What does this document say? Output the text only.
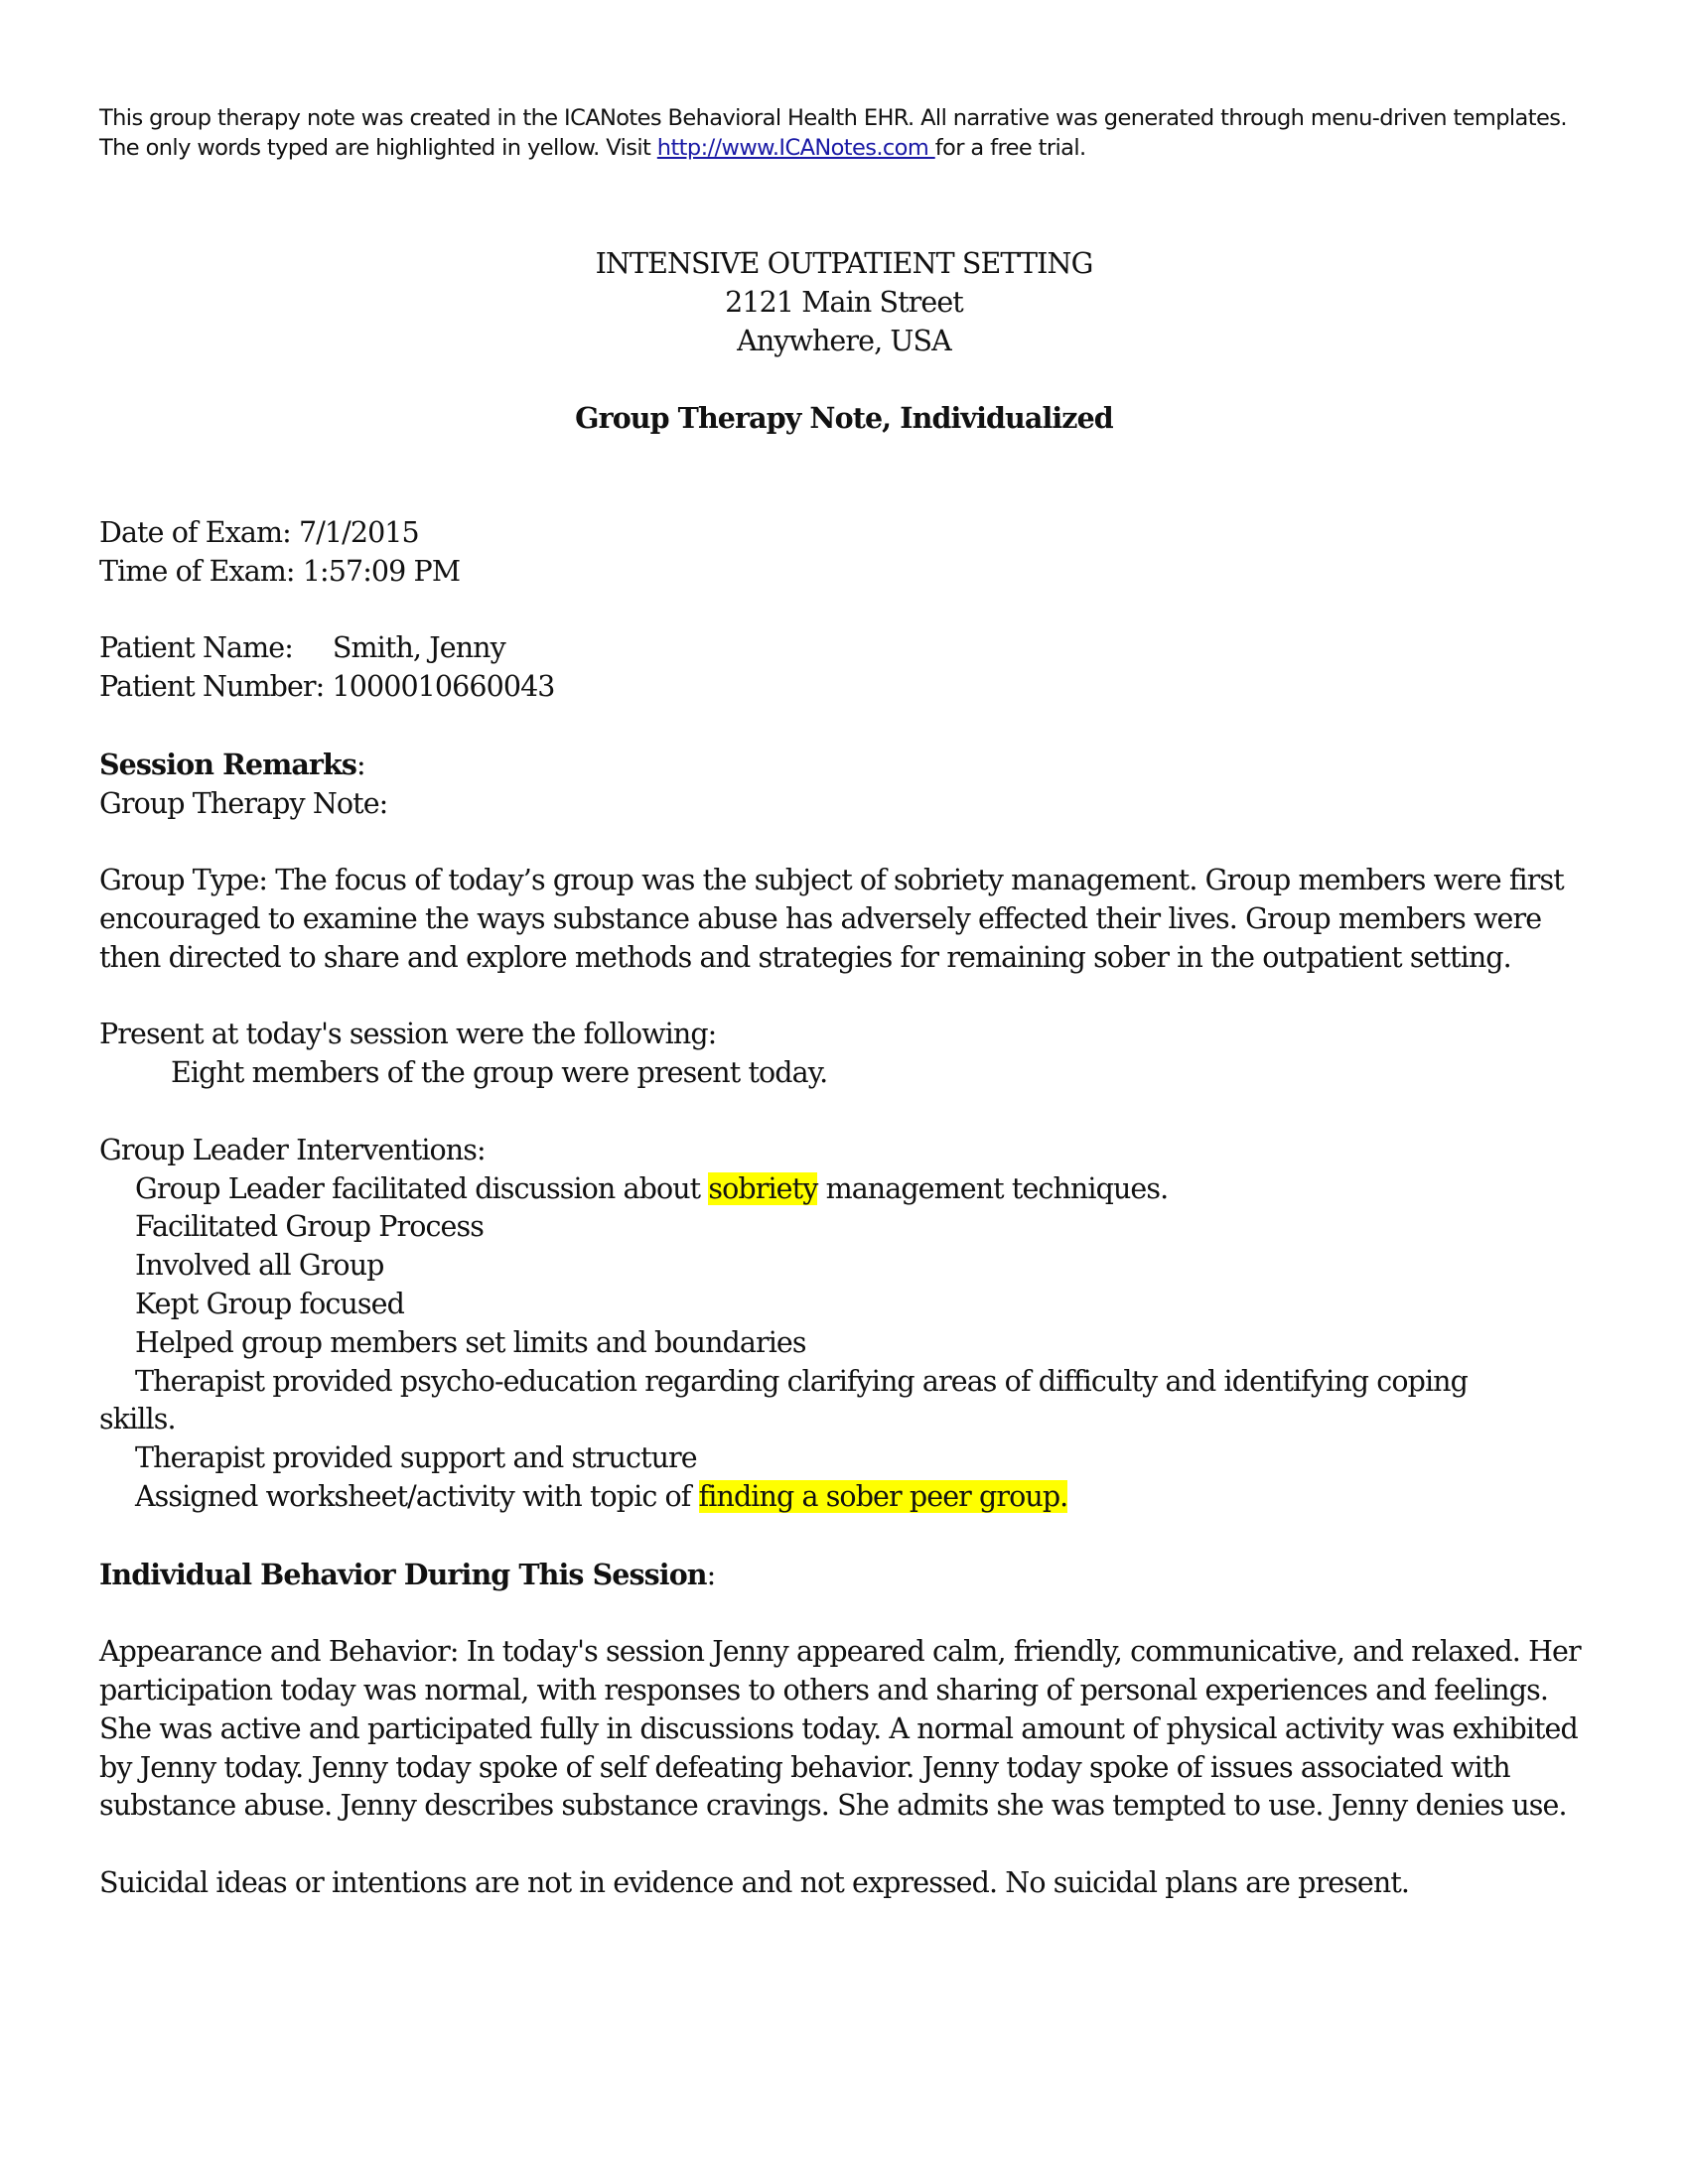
This group therapy note was created in the ICANotes Behavioral Health EHR. All narrative was generated through menu-driven templates. The only words typed are highlighted in yellow. Visit http://www.ICANotes.com for a free trial.
INTENSIVE OUTPATIENT SETTING
2121 Main Street
Anywhere, USA
Group Therapy Note, Individualized
Date of Exam: 7/1/2015
Time of Exam: 1:57:09 PM
Patient Name: Smith, Jenny
Patient Number: 1000010660043
Session Remarks:
Group Therapy Note:
Group Type: The focus of today’s group was the subject of sobriety management. Group members were first encouraged to examine the ways substance abuse has adversely effected their lives. Group members were then directed to share and explore methods and strategies for remaining sober in the outpatient setting.
Present at today's session were the following:
Eight members of the group were present today.
Group Leader Interventions:
Group Leader facilitated discussion about sobriety management techniques.
Facilitated Group Process
Involved all Group
Kept Group focused
Helped group members set limits and boundaries
Therapist provided psycho-education regarding clarifying areas of difficulty and identifying coping
skills.
Therapist provided support and structure
Assigned worksheet/activity with topic of finding a sober peer group.
Individual Behavior During This Session:
Appearance and Behavior: In today's session Jenny appeared calm, friendly, communicative, and relaxed. Her participation today was normal, with responses to others and sharing of personal experiences and feelings. She was active and participated fully in discussions today. A normal amount of physical activity was exhibited by Jenny today. Jenny today spoke of self defeating behavior. Jenny today spoke of issues associated with substance abuse. Jenny describes substance cravings. She admits she was tempted to use. Jenny denies use.
Suicidal ideas or intentions are not in evidence and not expressed. No suicidal plans are present.
